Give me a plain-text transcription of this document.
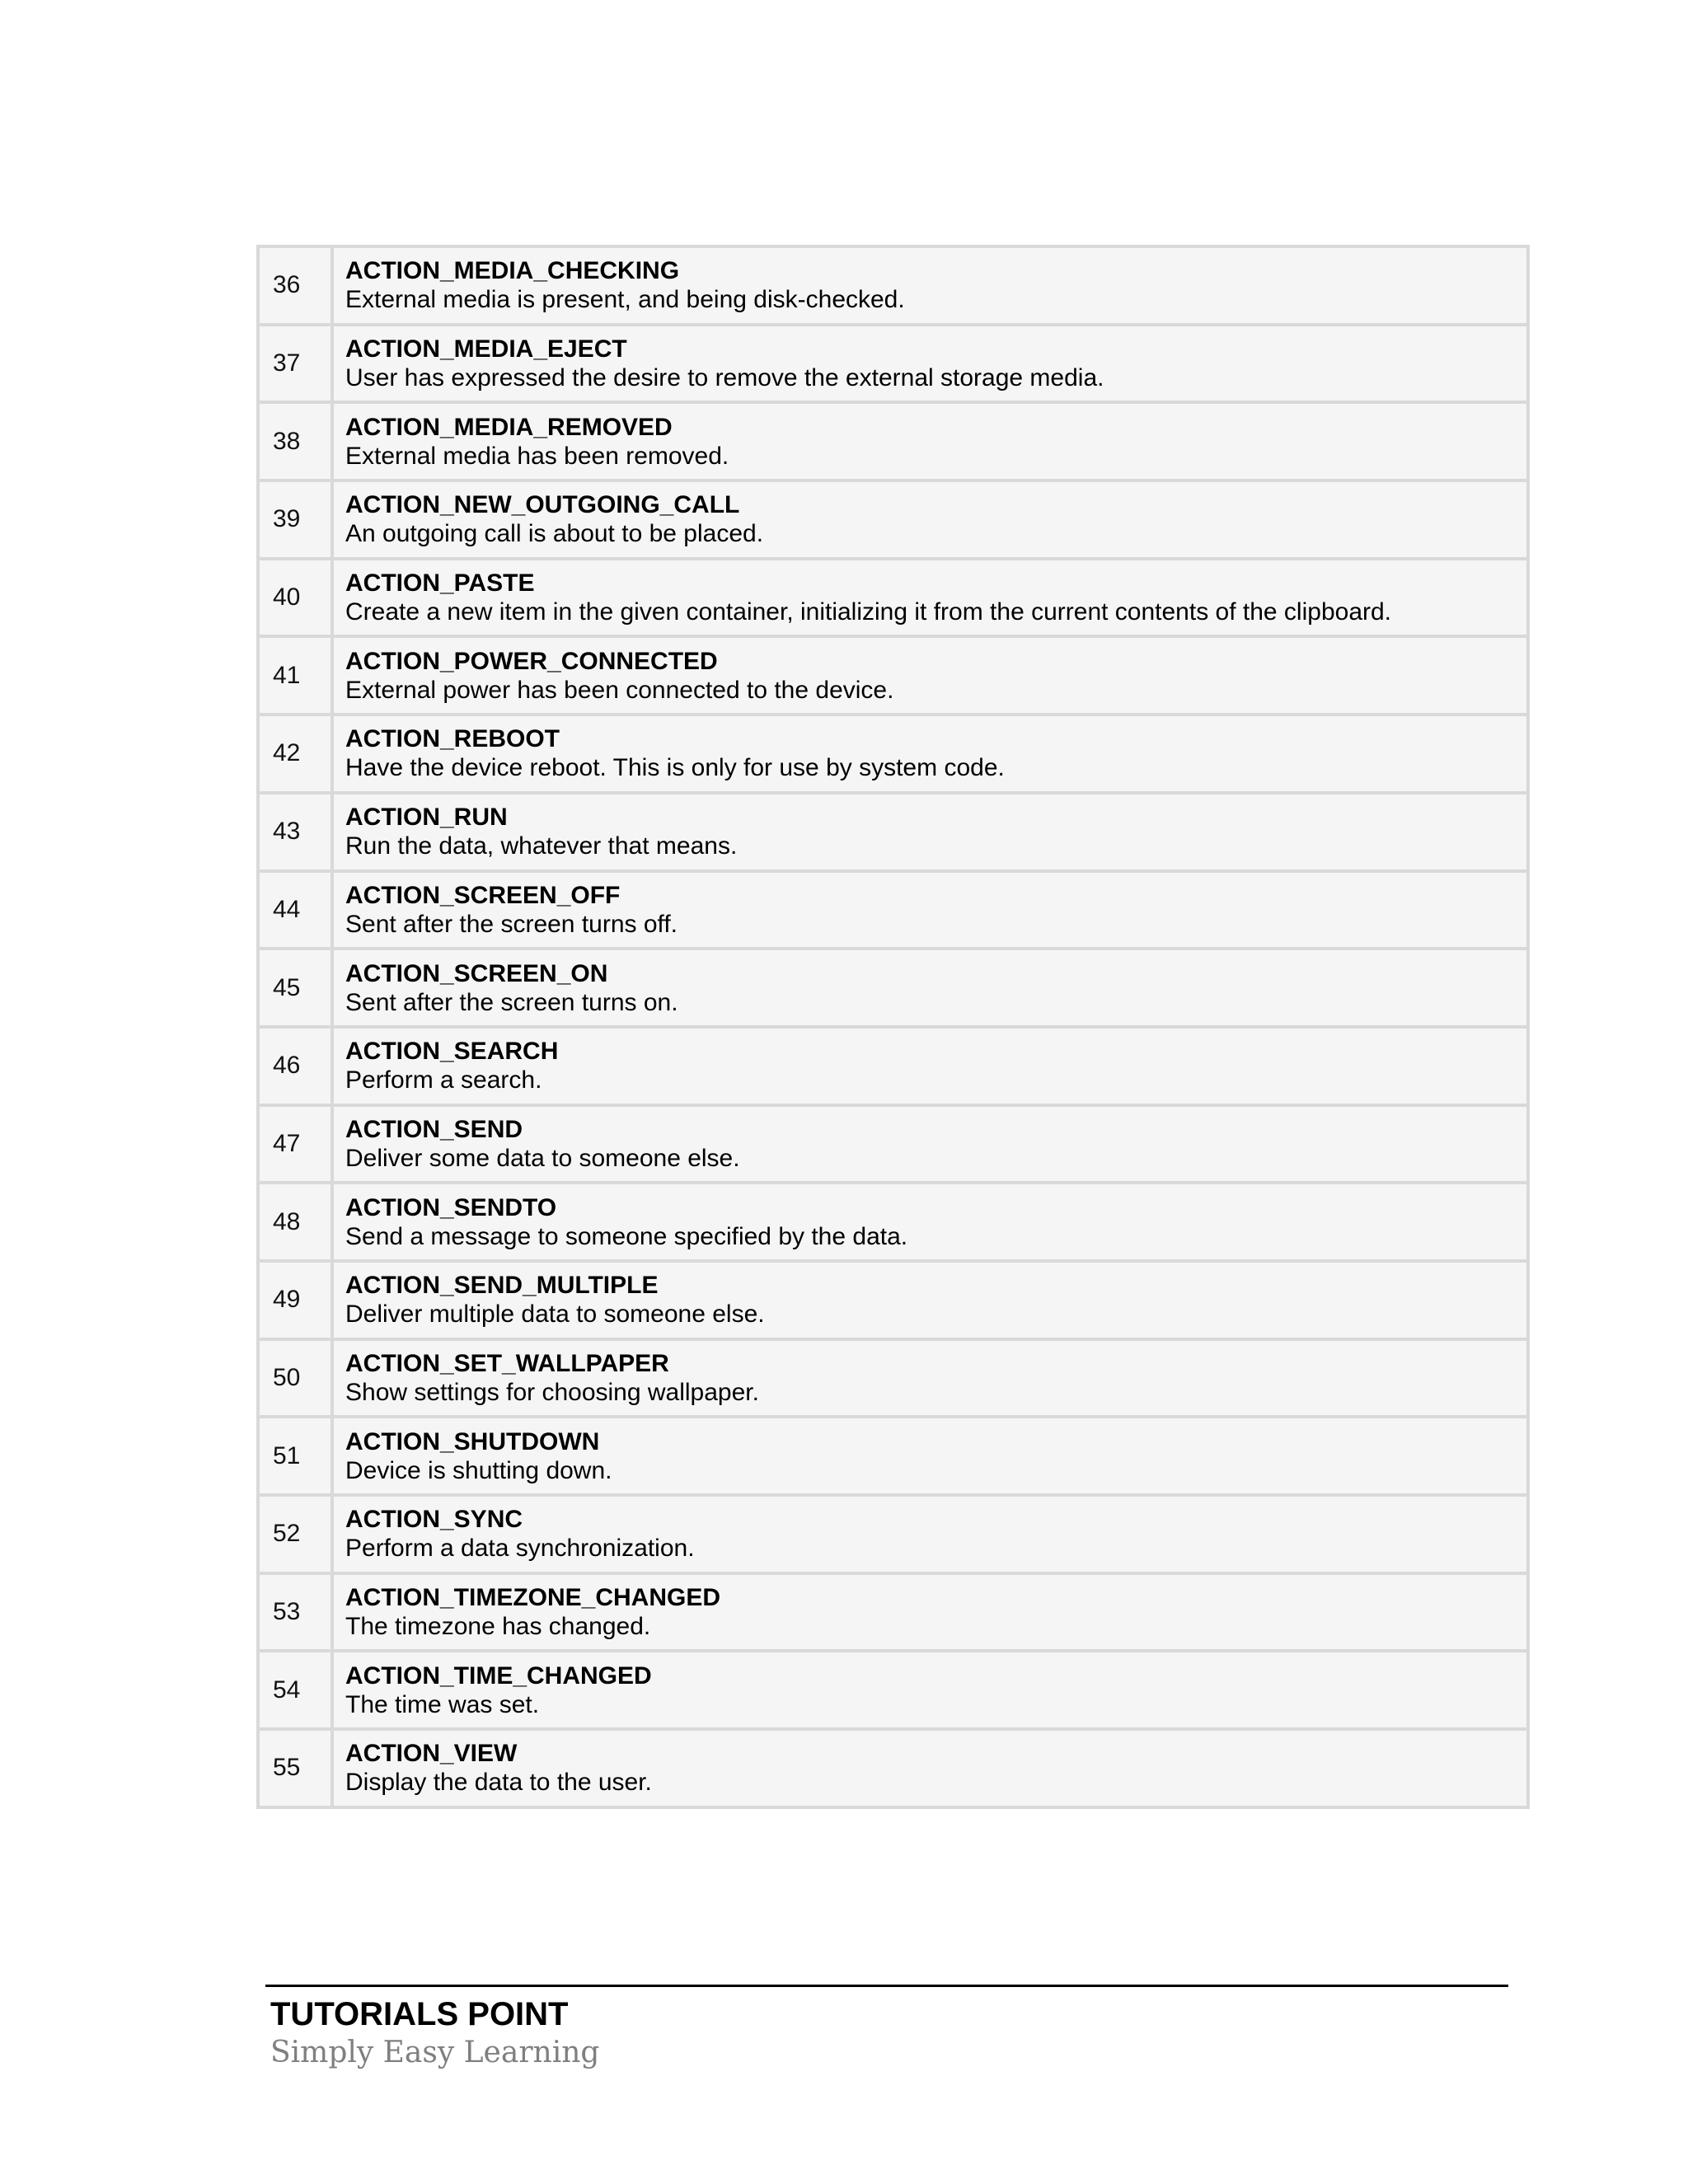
36	ACTION_MEDIA_CHECKING
External media is present, and being disk-checked.

37	ACTION_MEDIA_EJECT
User has expressed the desire to remove the external storage media.

38	ACTION_MEDIA_REMOVED
External media has been removed.

39	ACTION_NEW_OUTGOING_CALL
An outgoing call is about to be placed.

40	ACTION_PASTE
Create a new item in the given container, initializing it from the current contents of the clipboard.

41	ACTION_POWER_CONNECTED
External power has been connected to the device.

42	ACTION_REBOOT
Have the device reboot. This is only for use by system code.

43	ACTION_RUN
Run the data, whatever that means.

44	ACTION_SCREEN_OFF
Sent after the screen turns off.

45	ACTION_SCREEN_ON
Sent after the screen turns on.

46	ACTION_SEARCH
Perform a search.

47	ACTION_SEND
Deliver some data to someone else.

48	ACTION_SENDTO
Send a message to someone specified by the data.

49	ACTION_SEND_MULTIPLE
Deliver multiple data to someone else.

50	ACTION_SET_WALLPAPER
Show settings for choosing wallpaper.

51	ACTION_SHUTDOWN
Device is shutting down.

52	ACTION_SYNC
Perform a data synchronization.

53	ACTION_TIMEZONE_CHANGED
The timezone has changed.

54	ACTION_TIME_CHANGED
The time was set.

55	ACTION_VIEW
Display the data to the user.
TUTORIALS POINT
Simply Easy Learning
